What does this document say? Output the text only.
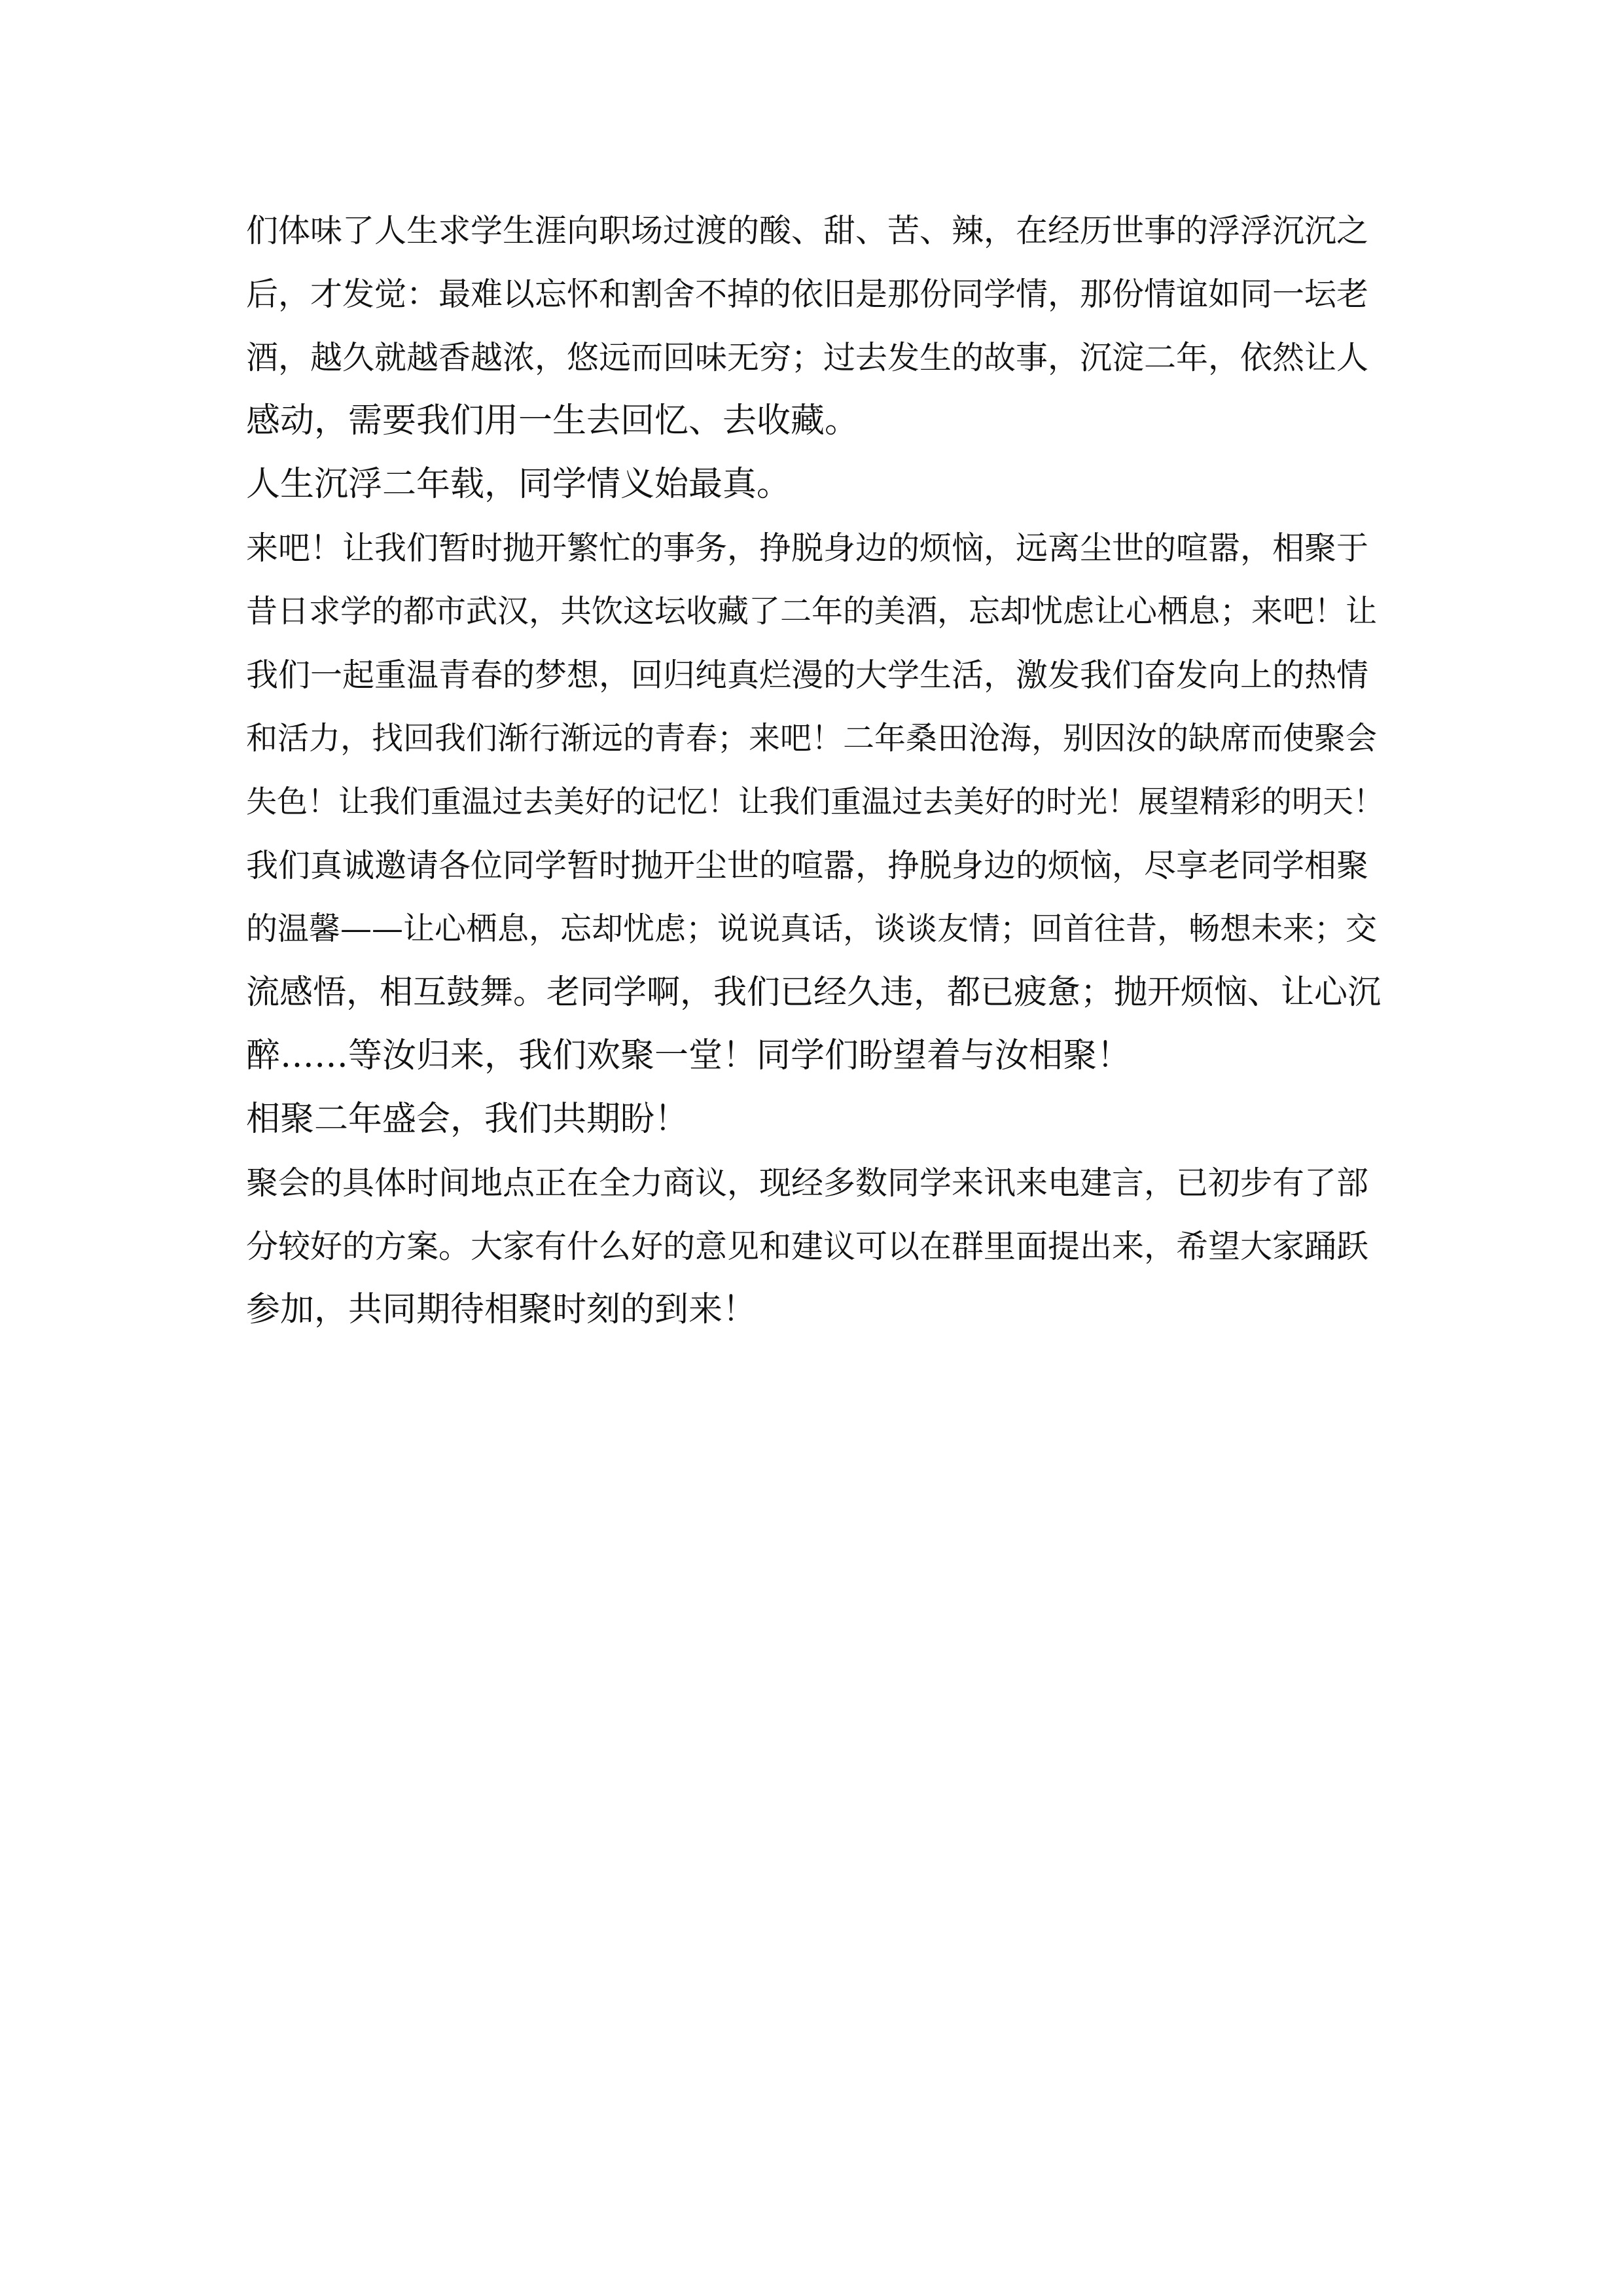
们体味了人生求学生涯向职场过渡的酸、甜、苦、辣，在经历世事的浮浮沉沉之
后，才发觉：最难以忘怀和割舍不掉的依旧是那份同学情，那份情谊如同一坛老
酒，越久就越香越浓，悠远而回味无穷；过去发生的故事，沉淀二年，依然让人
感动，需要我们用一生去回忆、去收藏。
人生沉浮二年载，同学情义始最真。
来吧！让我们暂时抛开繁忙的事务，挣脱身边的烦恼，远离尘世的喧嚣，相聚于
昔日求学的都市武汉，共饮这坛收藏了二年的美酒，忘却忧虑让心栖息；来吧！让
我们一起重温青春的梦想，回归纯真烂漫的大学生活，激发我们奋发向上的热情
和活力，找回我们渐行渐远的青春；来吧！二年桑田沧海，别因汝的缺席而使聚会
失色！让我们重温过去美好的记忆！让我们重温过去美好的时光！展望精彩的明天！
我们真诚邀请各位同学暂时抛开尘世的喧嚣，挣脱身边的烦恼，尽享老同学相聚
的温馨——让心栖息，忘却忧虑；说说真话，谈谈友情；回首往昔，畅想未来；交
流感悟，相互鼓舞。老同学啊，我们已经久违，都已疲惫；抛开烦恼、让心沉
醉……等汝归来，我们欢聚一堂！同学们盼望着与汝相聚！
相聚二年盛会，我们共期盼！
聚会的具体时间地点正在全力商议，现经多数同学来讯来电建言，已初步有了部
分较好的方案。大家有什么好的意见和建议可以在群里面提出来，希望大家踊跃
参加，共同期待相聚时刻的到来！
